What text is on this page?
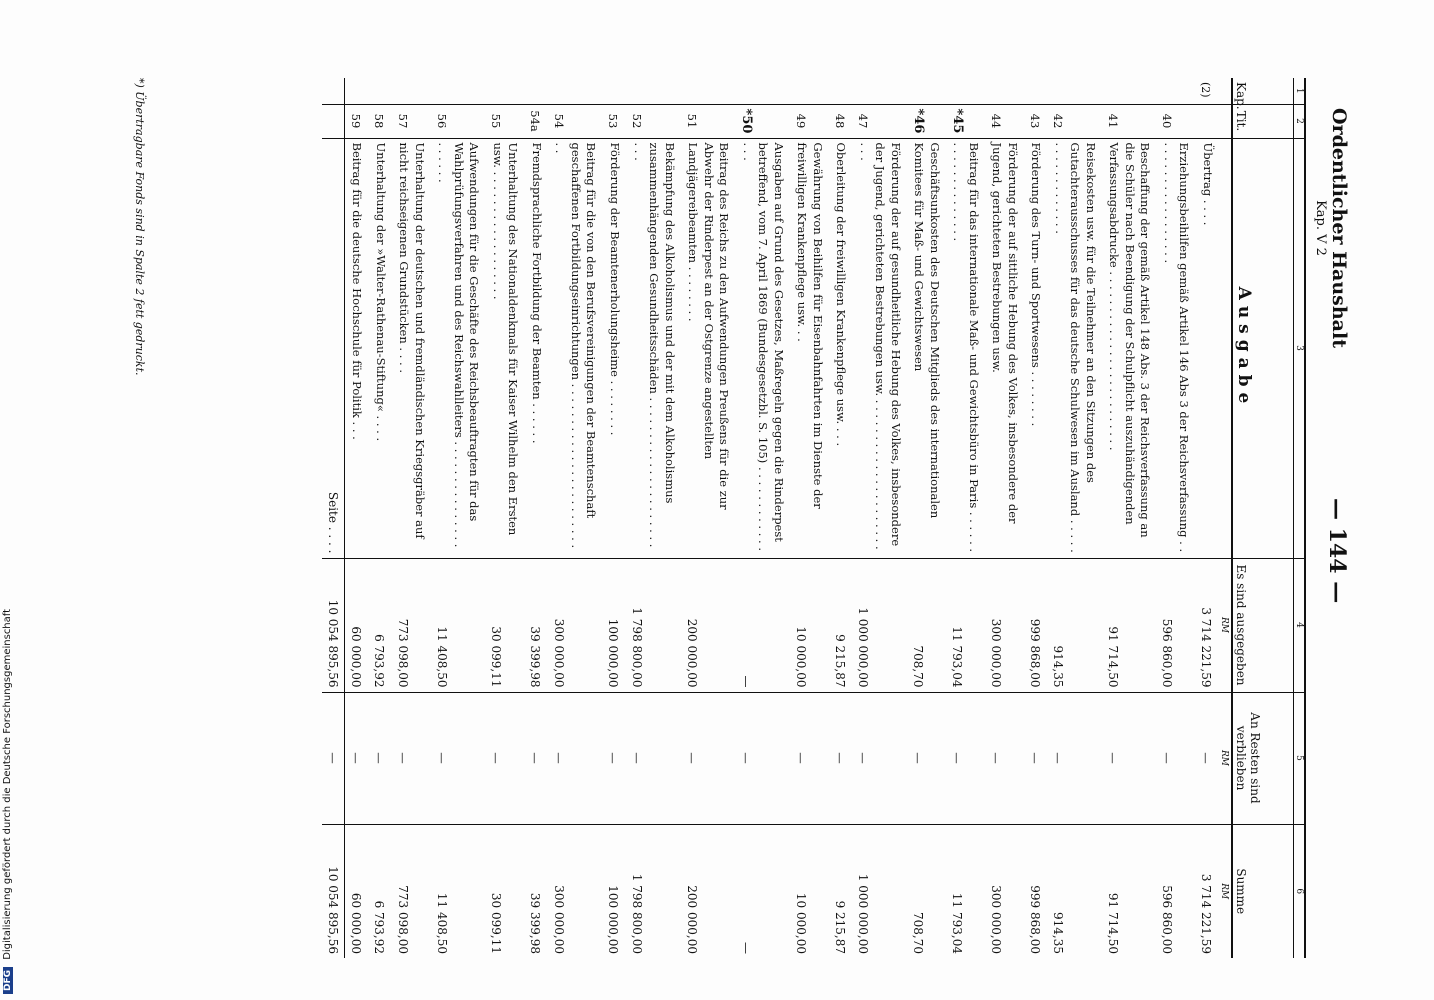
Ordentlicher Haushalt
Kap. V 2
— 144 —
1	2	3	4	5	6
Kap.	Tit.	Ausgabe	Es sind ausgegeben	An Resten sind verblieben	Summe
			RM	RM	RM
(2)		Übertrag . . . .	3 714 221,59	—	3 714 221,59
	40	Erziehungsbeihilfen gemäß Artikel 146 Abs 3 der Reichsverfassung . . . . . . . . . . . . . . . . . . .	596 860,00	—	596 860,00
	41	Beschaffung der gemäß Artikel 148 Abs. 3 der Reichsverfassung an die Schüler nach Beendigung der Schulpflicht auszuhändigenden Verfassungsabdrucke . . . . . . . . . . . . . . . . . . . . . . . . .	91 714,50	—	91 714,50
	42	Reisekosten usw. für die Teilnehmer an den Sitzungen des Gutachterausschusses für das deutsche Schulwesen im Ausland . . . . . . . . . . . . . . . . . .	914,35	—	914,35
	43	Förderung des Turn- und Sportwesens . . . . . . . .	999 868,00	—	999 868,00
	44	Förderung der auf sittliche Hebung des Volkes, insbesondere der Jugend, gerichteten Bestrebungen usw.	300 000,00	—	300 000,00
	*45	Beitrag für das internationale Maß- und Gewichtsbüro in Paris . . . . . . . . . . . . . . . . . . . .	11 793,04	—	11 793,04
	*46	Geschäftsunkosten des Deutschen Mitglieds des internationalen Komitees für Maß- und Gewichtswesen	708,70	—	708,70
	47	Förderung der auf gesundheitliche Hebung des Volkes, insbesondere der Jugend, gerichteten Bestrebungen usw. . . . . . . . . . . . . . . . . . . . . . . . .	1 000 000,00	—	1 000 000,00
	48	Oberleitung der freiwilligen Krankenpflege usw. . . .	9 215,87	—	9 215,87
	49	Gewährung von Beihilfen für Eisenbahnfahrten im Dienste der freiwilligen Krankenpflege usw. . .	10 000,00	—	10 000,00
	*50	Ausgaben auf Grund des Gesetzes, Maßregeln gegen die Rinderpest betreffend, vom 7. April 1869 (Bundesgesetzbl. S. 105) . . . . . . . . . . . . . . .	—	—	—
	51	Beitrag des Reichs zu den Aufwendungen Preußens für die zur Abwehr der Rinderpest an der Ostgrenze angestellten Landjägereibeamten . . . . . . . .	200 000,00	—	200 000,00
	52	Bekämpfung des Alkoholismus und der mit dem Alkoholismus zusammenhängenden Gesundheitsschäden . . . . . . . . . . . . . . . . . . . . . . . .	1 798 800,00	—	1 798 800,00
	53	Förderung der Beamtenerholungsheime . . . . . . . .	100 000,00	—	100 000,00
	54	Beitrag für die von den Berufsvereinigungen der Beamtenschaft geschaffenen Fortbildungseinrichtungen . . . . . . . . . . . . . . . . . . . . . . . . .	300 000,00	—	300 000,00
	54a	Fremdsprachliche Fortbildung der Beamten . . . . . .	39 399,98	—	39 399,98
	55	Unterhaltung des Nationaldenkmals für Kaiser Wilhelm den Ersten usw. . . . . . . . . . . . . . . . . . .	30 099,11	—	30 099,11
	56	Aufwendungen für die Geschäfte des Reichsbeauftragten für das Wahlprüfungsverfahren und des Reichswahlleiters . . . . . . . . . . . . . . . . . . . . .	11 408,50	—	11 408,50
	57	Unterhaltung der deutschen und fremdländischen Kriegsgräber auf nicht reichseigenen Grundstücken . . . .	773 098,00	—	773 098,00
	58	Unterhaltung der »Walter-Rathenau-Stiftung« . . . .	6 793,92	—	6 793,92
	59	Beitrag für die deutsche Hochschule für Politik . . .	60 000,00	—	60 000,00
		Seite . . . .	10 054 895,56	—	10 054 895,56
*) Übertragbare Fonds sind in Spalte 2 fett gedruckt.
DFG Digitalisierung gefördert durch die Deutsche Forschungsgemeinschaft
